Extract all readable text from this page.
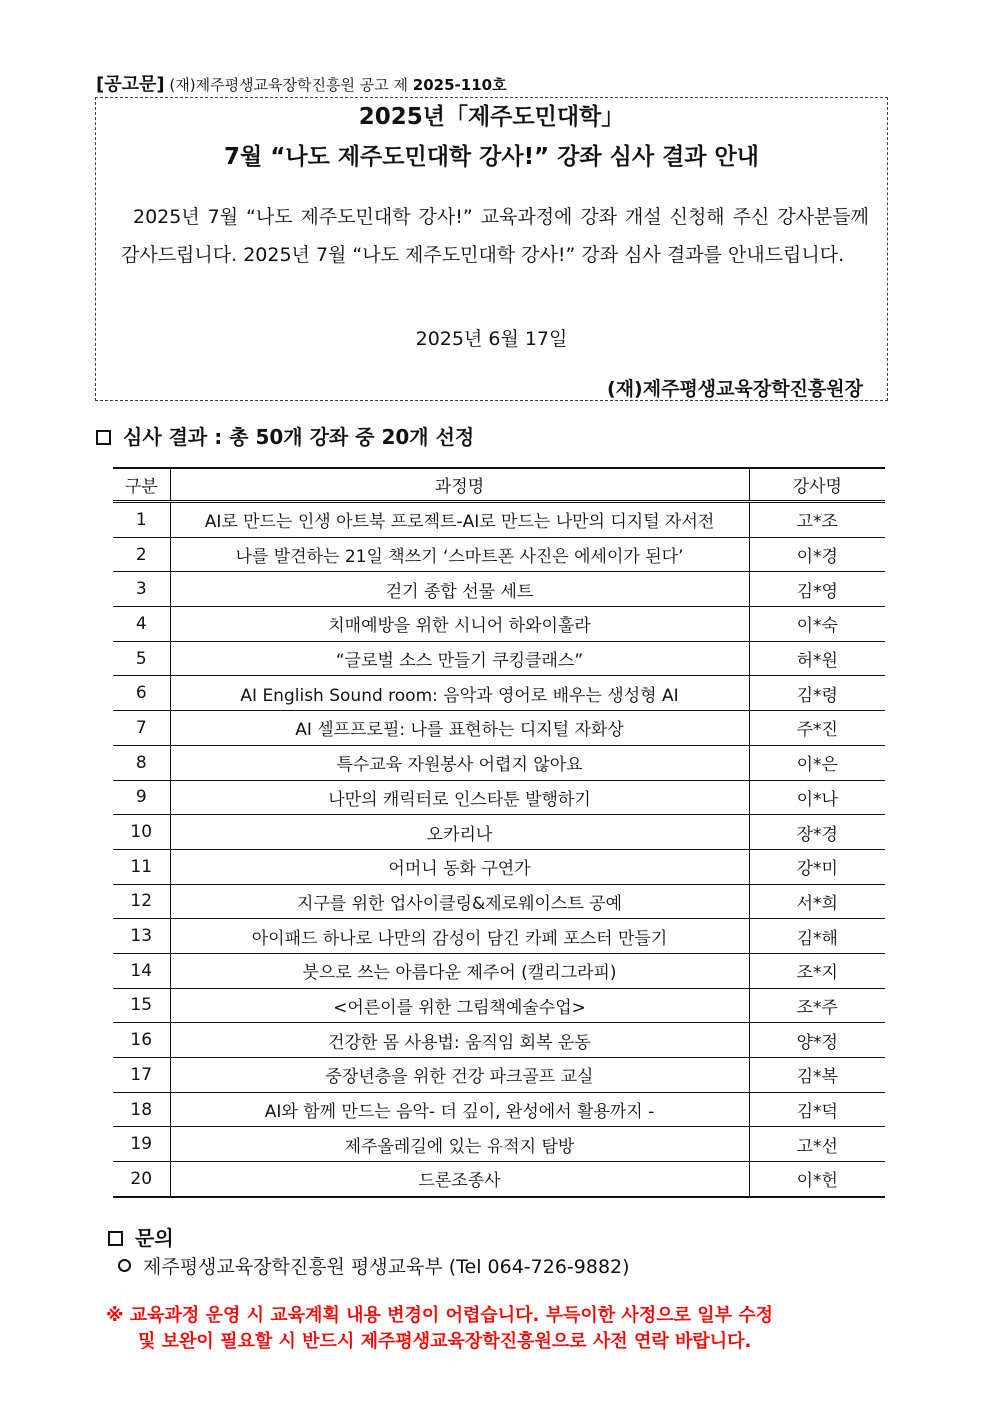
[공고문] (재)제주평생교육장학진흥원 공고 제 2025-110호
2025년「제주도민대학」
7월 “나도 제주도민대학 강사!” 강좌 심사 결과 안내
2025년 7월 “나도 제주도민대학 강사!” 교육과정에 강좌 개설 신청해 주신 강사분들께 감사드립니다. 2025년 7월 “나도 제주도민대학 강사!” 강좌 심사 결과를 안내드립니다.
2025년 6월 17일
(재)제주평생교육장학진흥원장
심사 결과 : 총 50개 강좌 중 20개 선정
구분	과정명	강사명
1	AI로 만드는 인생 아트북 프로젝트-AI로 만드는 나만의 디지털 자서전	고*조
2	나를 발견하는 21일 책쓰기 ‘스마트폰 사진은 에세이가 된다’	이*경
3	걷기 종합 선물 세트	김*영
4	치매예방을 위한 시니어 하와이훌라	이*숙
5	“글로벌 소스 만들기 쿠킹클래스”	허*원
6	AI English Sound room: 음악과 영어로 배우는 생성형 AI	김*령
7	AI 셀프프로필: 나를 표현하는 디지털 자화상	주*진
8	특수교육 자원봉사 어렵지 않아요	이*은
9	나만의 캐릭터로 인스타툰 발행하기	이*나
10	오카리나	장*경
11	어머니 동화 구연가	강*미
12	지구를 위한 업사이클링&제로웨이스트 공예	서*희
13	아이패드 하나로 나만의 감성이 담긴 카페 포스터 만들기	김*해
14	붓으로 쓰는 아름다운 제주어 (캘리그라피)	조*지
15	<어른이를 위한 그림책예술수업>	조*주
16	건강한 몸 사용법: 움직임 회복 운동	양*정
17	중장년층을 위한 건강 파크골프 교실	김*복
18	AI와 함께 만드는 음악- 더 깊이, 완성에서 활용까지 -	김*덕
19	제주올레길에 있는 유적지 탐방	고*선
20	드론조종사	이*헌
문의
제주평생교육장학진흥원 평생교육부 (Tel 064-726-9882)
※ 교육과정 운영 시 교육계획 내용 변경이 어렵습니다. 부득이한 사정으로 일부 수정
및 보완이 필요할 시 반드시 제주평생교육장학진흥원으로 사전 연락 바랍니다.
